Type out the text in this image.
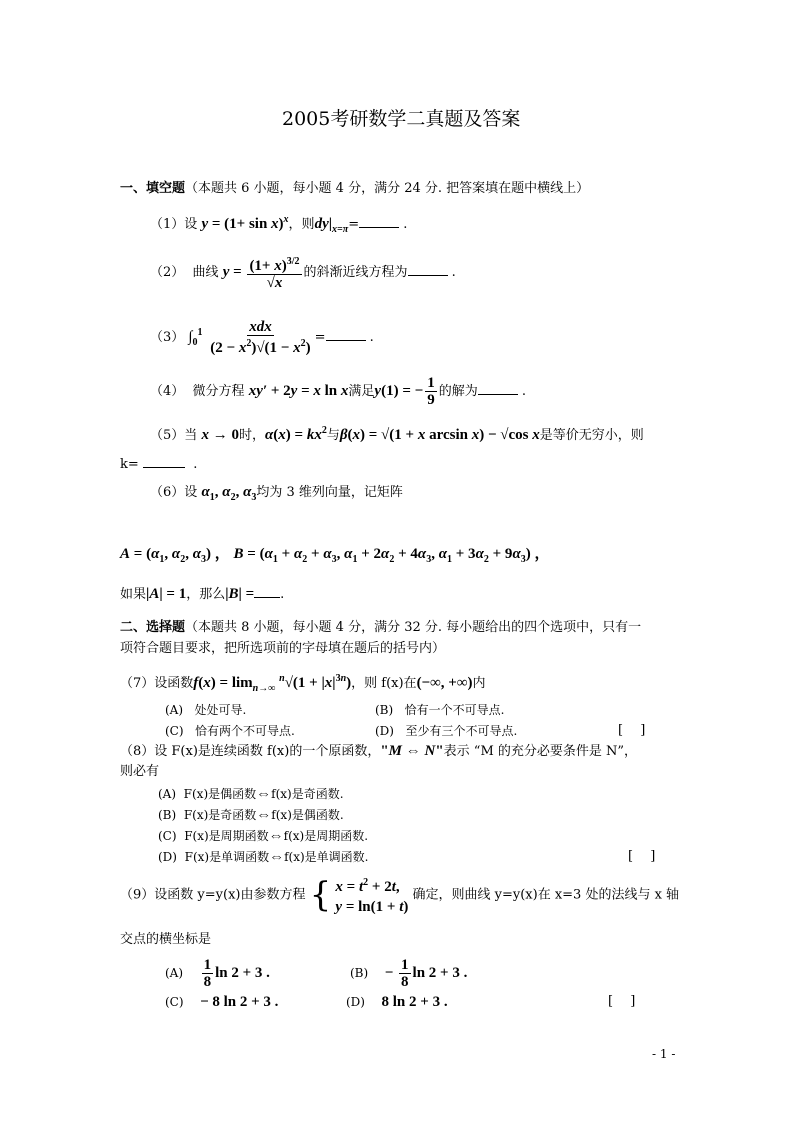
2005考研数学二真题及答案
一、填空题（本题共 6 小题，每小题 4 分，满分 24 分. 把答案填在题中横线上）
（1）设 $y = (1+ \sin x)^x$，则$dy|_{x=\pi}=$	.
（2） 曲线 $y = \frac{(1+ x)^{3/2}}{√x}$ 的斜渐近线方程为	.
（3） $\int_0^1 \frac{\text{xdx}}{(2 - x^2)√(1 - x^2)}$ =	.
（4） 微分方程 xy′ + 2y = x ln x满足y(1) = − $\frac{1}{9}$ 的解为	.
（5）当 x → 0时，$\alpha(x) = kx^2$与β(x) = √(1 + x arcsin x) − √cos x是等价无穷小，则
k=	.
（6）设 $\alpha_1$, $\alpha_2$, $\alpha_3$均为 3 维列向量，记矩阵
$A = (\alpha_1$, $\alpha_2$, $\alpha_3$) ， $B = (\alpha_1 + \alpha_2 + \alpha_3$, $\alpha_1 + 2\alpha_2 + 4\alpha_3$, $\alpha_1 + 3\alpha_2 + 9\alpha_3$) ，
如果|A| = 1，那么|B| = .
二、选择题（本题共 8 小题，每小题 4 分，满分 32 分. 每小题给出的四个选项中，只有一
项符合题目要求，把所选项前的字母填在题后的括号内）
（7）设函数$f(x) = \lim_{n\to\infty} ^n√(1 + |x|^{3n})$，则 f(x)在(−∞, +∞)内
(A) 处处可导.	(B) 恰有一个不可导点.
(C) 恰有两个不可导点.	(D) 至少有三个不可导点.	[　 ]
（8）设 F(x)是连续函数 f(x)的一个原函数，"M ⇔ N"表示 “M 的充分必要条件是 N”，
则必有
(A) F(x)是偶函数⇔f(x)是奇函数.
(B) F(x)是奇函数⇔f(x)是偶函数.
(C) F(x)是周期函数⇔f(x)是周期函数.
(D) F(x)是单调函数⇔f(x)是单调函数.	[　 ]
（9）设函数 y=y(x)由参数方程 { $x = t^2 + 2t$,
y = ln(1 + t)
确定，则曲线 y=y(x)在 x=3 处的法线与 x 轴
交点的横坐标是
$(A) \frac{1}{8}$ ln 2 + 3 .	$(B) - \frac{1}{8}$ ln 2 + 3 .
(C) − 8 ln 2 + 3 .	(D) 8 ln 2 + 3 .	[　 ]
- 1 -
